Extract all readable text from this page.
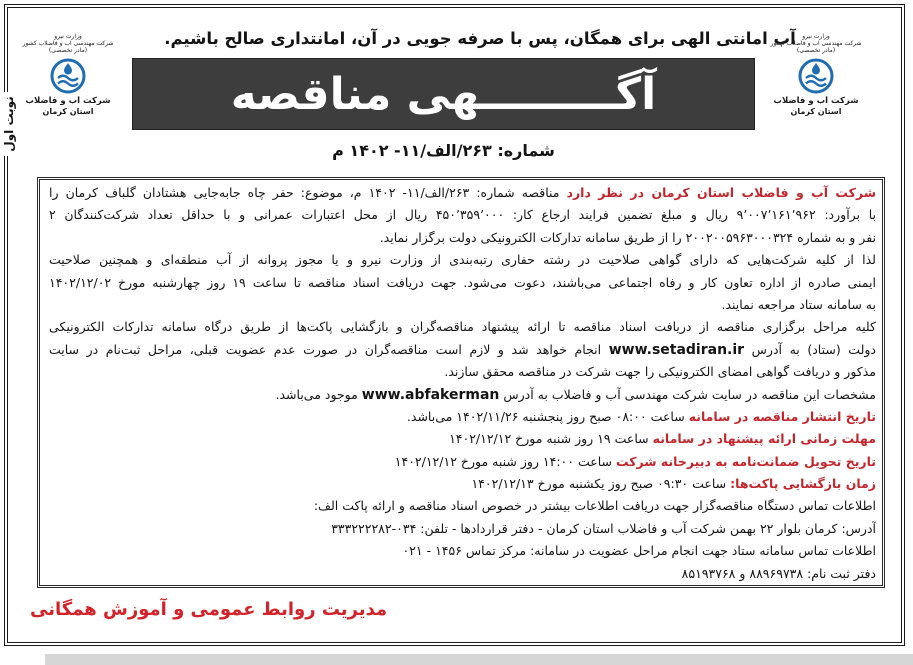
نوبت اول
آب امانتی الهی برای همگان، پس با صرفه جویی در آن، امانتداری صالح باشیم.	وزارت نیرو
شرکت مهندسی آب و فاضلاب کشور
(مادر تخصصی)
شرکت آب و فاضلاب
استان کرمان
وزارت نیرو
شرکت مهندسی آب و فاضلاب کشور
(مادر تخصصی)
شرکت آب و فاضلاب
استان کرمان	آگـــــــــهی مناقصه
شماره: ۲۶۳/الف/۱۱- ۱۴۰۲ م
شرکت آب و فاضلاب استان کرمان در نظر دارد مناقصه شماره: ۲۶۳/الف/۱۱- ۱۴۰۲ م، موضوع: حفر چاه جابه‌جایی هشتادان گلباف کرمان را
با برآورد: ۹٬۰۰۷٬۱۶۱٬۹۶۲ ریال و مبلغ تضمین فرایند ارجاع کار: ۴۵۰٬۳۵۹٬۰۰۰ ریال از محل اعتبارات عمرانی و با حداقل تعداد شرکت‌کنندگان ۲
نفر و به شماره ۲۰۰۲۰۰۵۹۶۳۰۰۰۳۲۴ را از طریق سامانه تدارکات الکترونیکی دولت برگزار نماید.
لذا از کلیه شرکت‌هایی که دارای گواهی صلاحیت در رشته حفاری رتبه‌بندی از وزارت نیرو و یا مجوز پروانه از آب منطقه‌ای و همچنین صلاحیت
ایمنی صادره از اداره تعاون کار و رفاه اجتماعی می‌باشند، دعوت می‌شود. جهت دریافت اسناد مناقصه تا ساعت ۱۹ روز چهارشنبه مورخ ۱۴۰۲/۱۲/۰۲
به سامانه ستاد مراجعه نمایند.
کلیه مراحل برگزاری مناقصه از دریافت اسناد مناقصه تا ارائه پیشنهاد مناقصه‌گران و بازگشایی پاکت‌ها از طریق درگاه سامانه تدارکات الکترونیکی
دولت (ستاد) به آدرس www.setadiran.ir انجام خواهد شد و لازم است مناقصه‌گران در صورت عدم عضویت قبلی، مراحل ثبت‌نام در سایت
مذکور و دریافت گواهی امضای الکترونیکی را جهت شرکت در مناقصه محقق سازند.
مشخصات این مناقصه در سایت شرکت مهندسی آب و فاضلاب به آدرس www.abfakerman موجود می‌باشد.
تاریخ انتشار مناقصه در سامانه ساعت ۰۸:۰۰ صبح روز پنجشنبه ۱۴۰۲/۱۱/۲۶ می‌باشد.
مهلت زمانی ارائه پیشنهاد در سامانه ساعت ۱۹ روز شنبه مورخ ۱۴۰۲/۱۲/۱۲
تاریخ تحویل ضمانت‌نامه به دبیرخانه شرکت ساعت ۱۴:۰۰ روز شنبه مورخ ۱۴۰۲/۱۲/۱۲
زمان بازگشایی پاکت‌ها: ساعت ۰۹:۳۰ صبح روز یکشنبه مورخ ۱۴۰۲/۱۲/۱۳
اطلاعات تماس دستگاه مناقصه‌گزار جهت دریافت اطلاعات بیشتر در خصوص اسناد مناقصه و ارائه پاکت الف:
آدرس: کرمان بلوار ۲۲ بهمن شرکت آب و فاضلاب استان کرمان - دفتر قراردادها - تلفن: ۰۳۴-۳۳۳۲۲۲۲۸۲
اطلاعات تماس سامانه ستاد جهت انجام مراحل عضویت در سامانه: مرکز تماس ۱۴۵۶ - ۰۲۱
دفتر ثبت نام: ۸۸۹۶۹۷۳۸ و ۸۵۱۹۳۷۶۸
مدیریت روابط عمومی و آموزش همگانی
